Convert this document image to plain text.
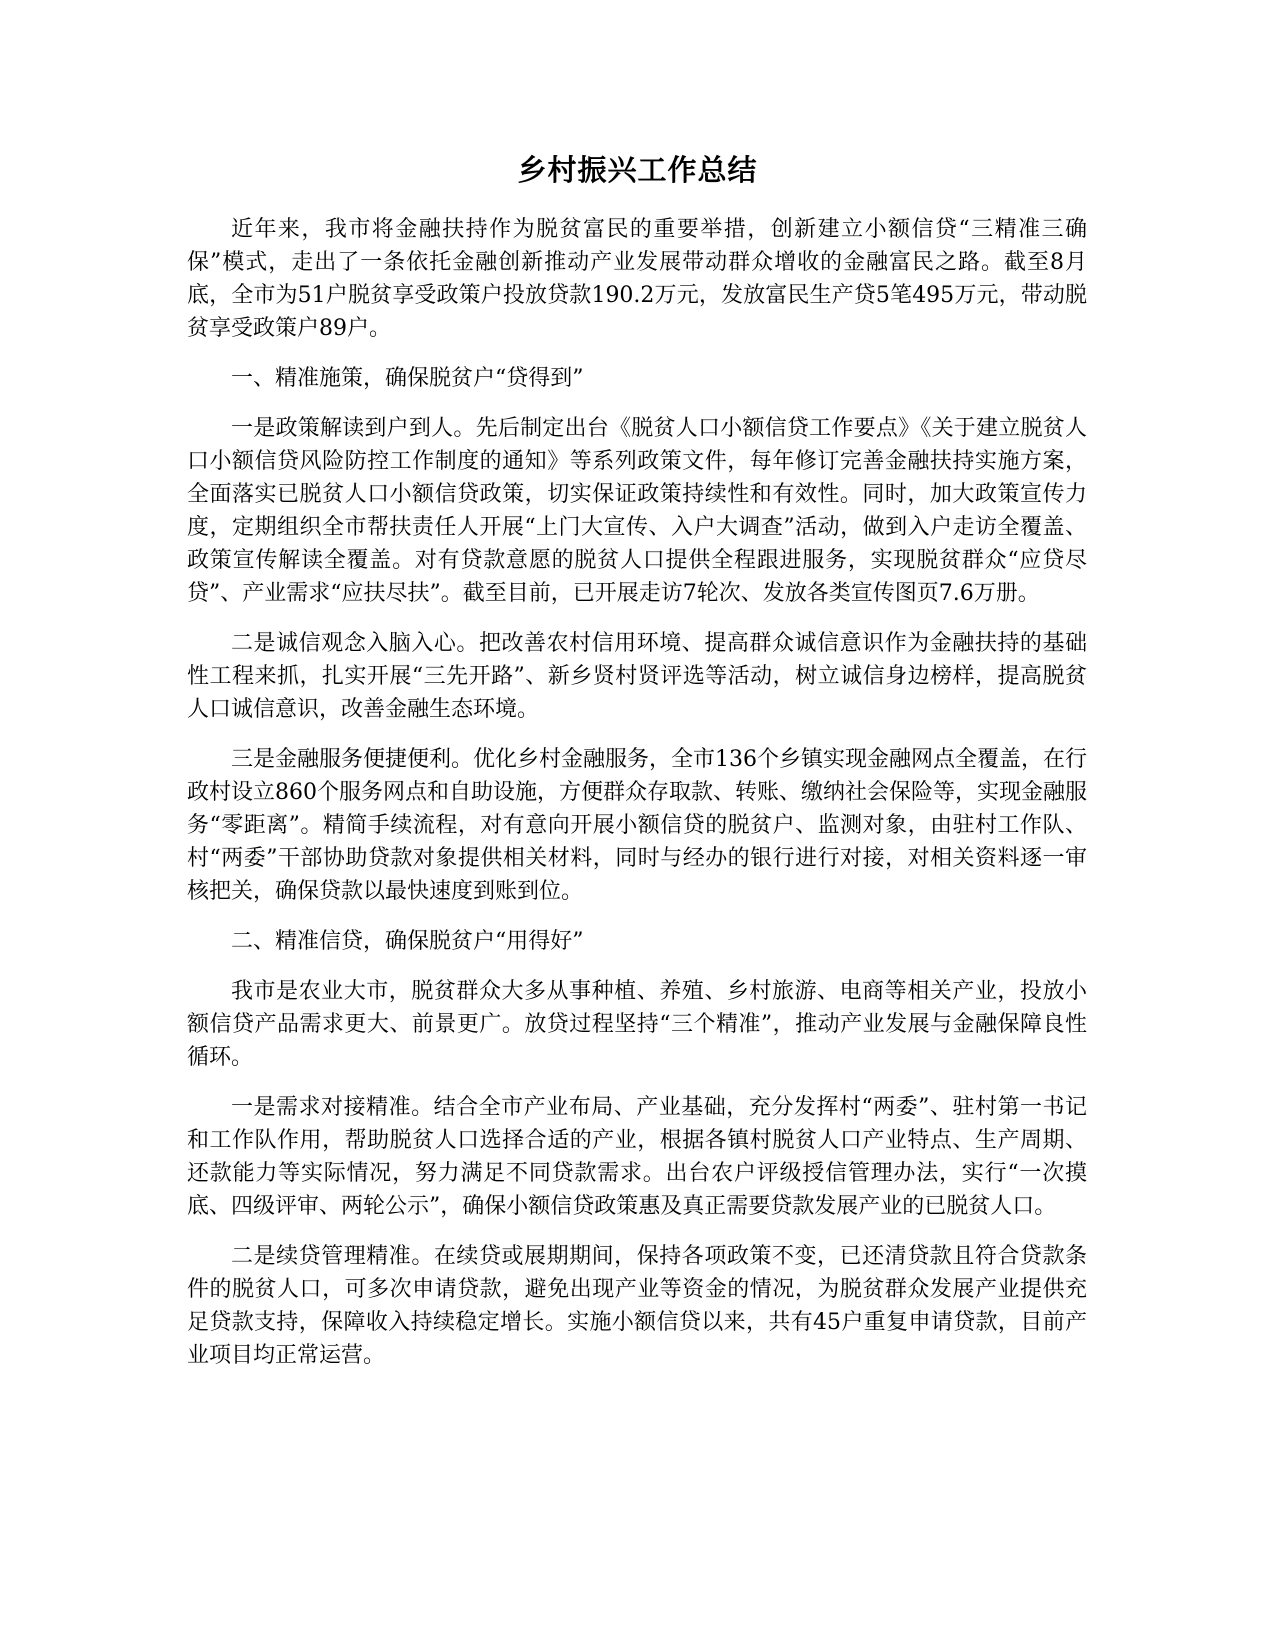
乡村振兴工作总结

近年来，我市将金融扶持作为脱贫富民的重要举措，创新建立小额信贷“三精准三确保”模式，走出了一条依托金融创新推动产业发展带动群众增收的金融富民之路。截至8月底，全市为51户脱贫享受政策户投放贷款190.2万元，发放富民生产贷5笔495万元，带动脱贫享受政策户89户。

一、精准施策，确保脱贫户“贷得到”

一是政策解读到户到人。先后制定出台《脱贫人口小额信贷工作要点》《关于建立脱贫人口小额信贷风险防控工作制度的通知》等系列政策文件，每年修订完善金融扶持实施方案，全面落实已脱贫人口小额信贷政策，切实保证政策持续性和有效性。同时，加大政策宣传力度，定期组织全市帮扶责任人开展“上门大宣传、入户大调查”活动，做到入户走访全覆盖、政策宣传解读全覆盖。对有贷款意愿的脱贫人口提供全程跟进服务，实现脱贫群众“应贷尽贷”、产业需求“应扶尽扶”。截至目前，已开展走访7轮次、发放各类宣传图页7.6万册。

二是诚信观念入脑入心。把改善农村信用环境、提高群众诚信意识作为金融扶持的基础性工程来抓，扎实开展“三先开路”、新乡贤村贤评选等活动，树立诚信身边榜样，提高脱贫人口诚信意识，改善金融生态环境。

三是金融服务便捷便利。优化乡村金融服务，全市136个乡镇实现金融网点全覆盖，在行政村设立860个服务网点和自助设施，方便群众存取款、转账、缴纳社会保险等，实现金融服务“零距离”。精简手续流程，对有意向开展小额信贷的脱贫户、监测对象，由驻村工作队、村“两委”干部协助贷款对象提供相关材料，同时与经办的银行进行对接，对相关资料逐一审核把关，确保贷款以最快速度到账到位。

二、精准信贷，确保脱贫户“用得好”

我市是农业大市，脱贫群众大多从事种植、养殖、乡村旅游、电商等相关产业，投放小额信贷产品需求更大、前景更广。放贷过程坚持“三个精准”，推动产业发展与金融保障良性循环。

一是需求对接精准。结合全市产业布局、产业基础，充分发挥村“两委”、驻村第一书记和工作队作用，帮助脱贫人口选择合适的产业，根据各镇村脱贫人口产业特点、生产周期、还款能力等实际情况，努力满足不同贷款需求。出台农户评级授信管理办法，实行“一次摸底、四级评审、两轮公示”，确保小额信贷政策惠及真正需要贷款发展产业的已脱贫人口。

二是续贷管理精准。在续贷或展期期间，保持各项政策不变，已还清贷款且符合贷款条件的脱贫人口，可多次申请贷款，避免出现产业等资金的情况，为脱贫群众发展产业提供充足贷款支持，保障收入持续稳定增长。实施小额信贷以来，共有45户重复申请贷款，目前产业项目均正常运营。
